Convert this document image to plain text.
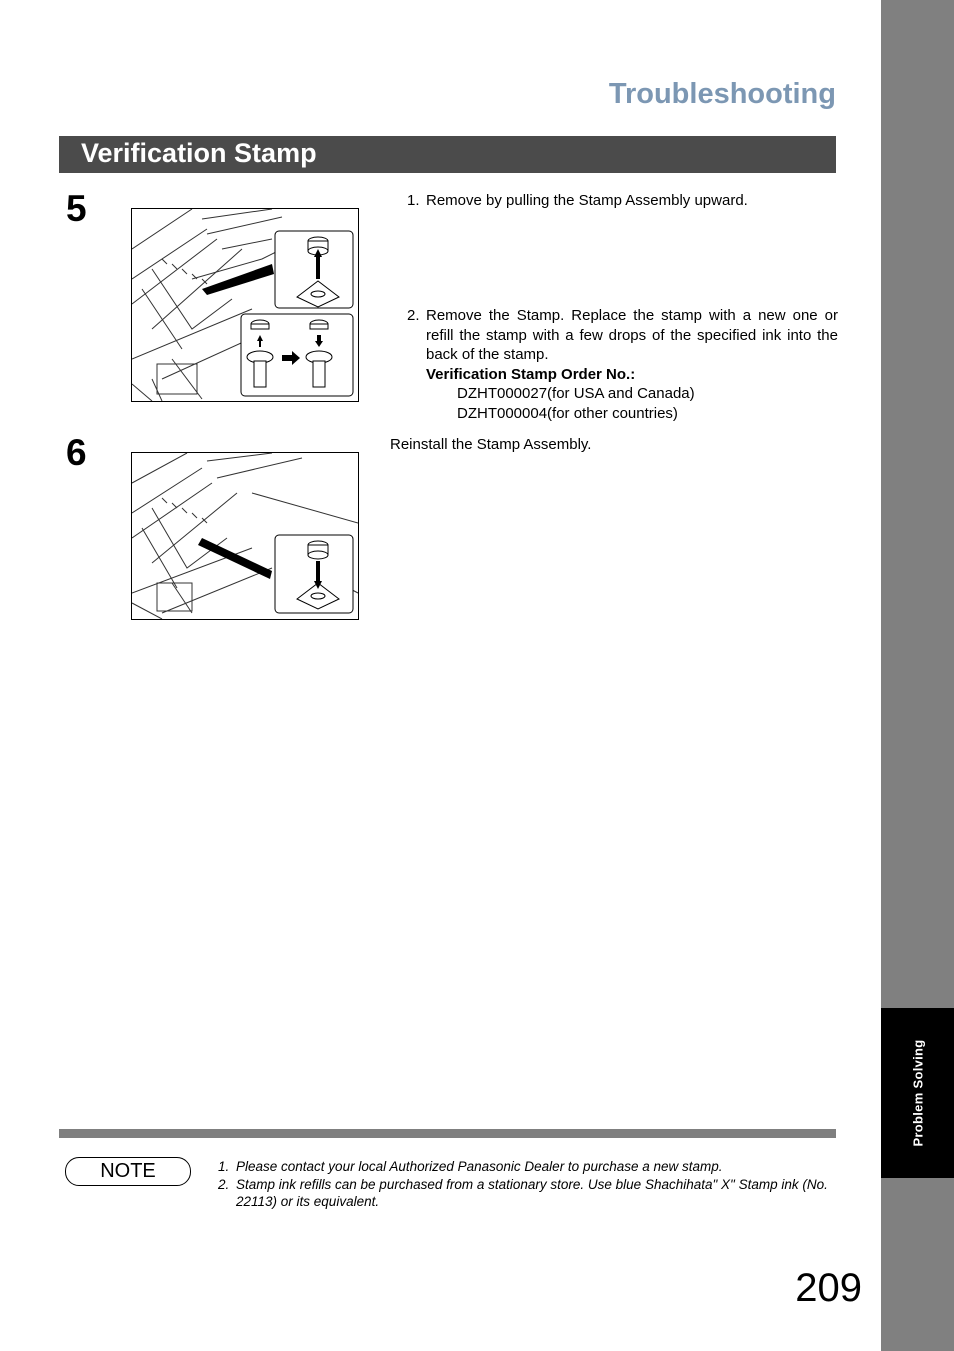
Problem Solving
Troubleshooting
Verification Stamp
5	1. Remove by pulling the Stamp Assembly upward.
2. Remove the Stamp. Replace the stamp with a new one or refill the stamp with a few drops of the specified ink into the back of the stamp.
Verification Stamp Order No.:
DZHT000027(for USA and Canada)
DZHT000004(for other countries)
6	Reinstall the Stamp Assembly.
NOTE	1. Please contact your local Authorized Panasonic Dealer to purchase a new stamp.
2. Stamp ink refills can be purchased from a stationary store. Use blue Shachihata" X" Stamp ink (No. 22113) or its equivalent.
209
